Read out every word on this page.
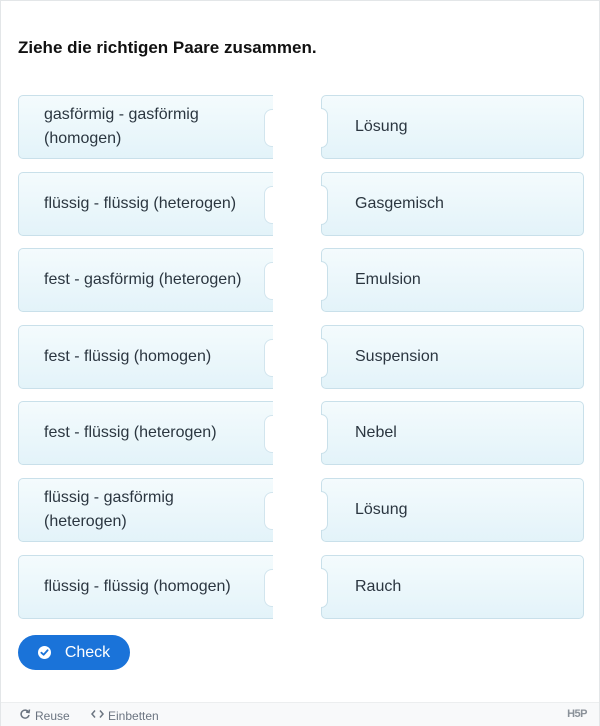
Ziehe die richtigen Paare zusammen.
gasförmig - gasförmig (homogen)
flüssig - flüssig (heterogen)
fest - gasförmig (heterogen)
fest - flüssig (homogen)
fest - flüssig (heterogen)
flüssig - gasförmig (heterogen)
flüssig - flüssig (homogen)
Lösung
Gasgemisch
Emulsion
Suspension
Nebel
Lösung
Rauch
Check
Reuse	Einbetten	H5P
